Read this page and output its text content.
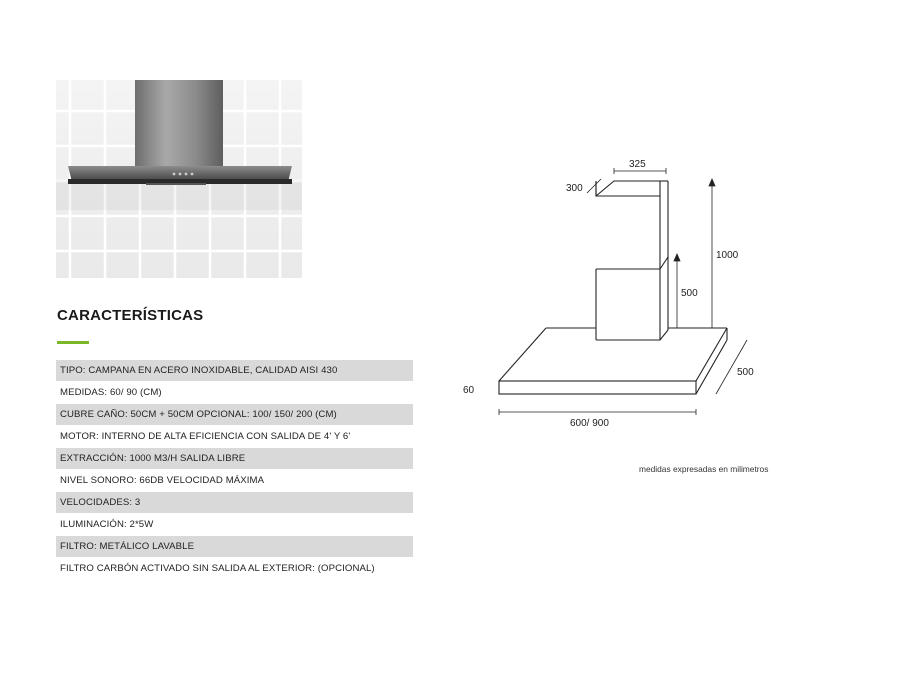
CARACTERÍSTICAS
TIPO: CAMPANA EN ACERO INOXIDABLE, CALIDAD AISI 430
MEDIDAS: 60/ 90 (CM)
CUBRE CAÑO: 50CM + 50CM OPCIONAL: 100/ 150/ 200 (CM)
MOTOR: INTERNO DE ALTA EFICIENCIA CON SALIDA DE 4' Y 6'
EXTRACCIÓN: 1000 M3/H SALIDA LIBRE
NIVEL SONORO: 66DB VELOCIDAD MÁXIMA
VELOCIDADES: 3
ILUMINACIÓN: 2*5W
FILTRO: METÁLICO LAVABLE
FILTRO CARBÓN ACTIVADO SIN SALIDA AL EXTERIOR: (OPCIONAL)
325
300
1000
500
500
60
600/ 900
medidas expresadas en milimetros
